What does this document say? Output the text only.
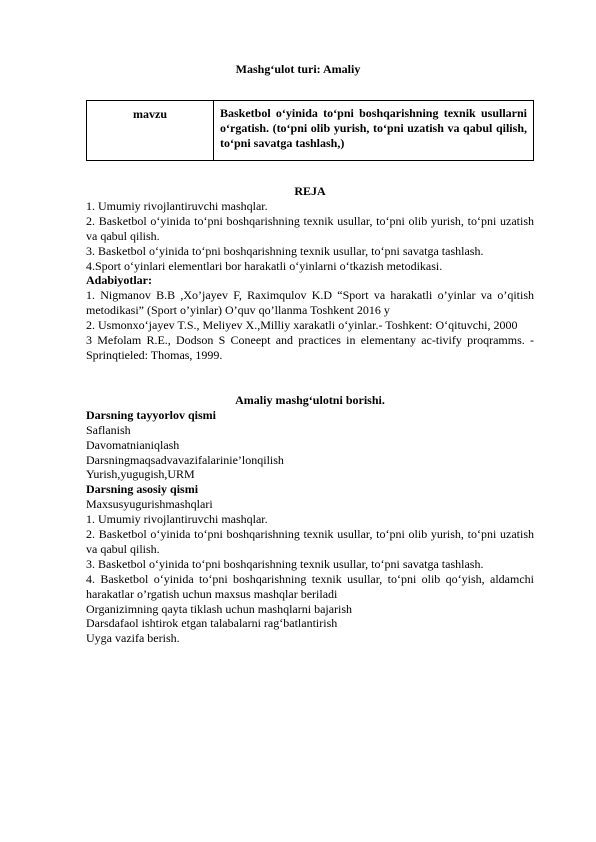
Mashg‘ulot turi: Amaliy
mavzu	Basketbol o‘yinida to‘pni boshqarishning texnik usullarni o‘rgatish. (to‘pni olib yurish, to‘pni uzatish va qabul qilish, to‘pni savatga tashlash,)

REJA

1. Umumiy rivojlantiruvchi mashqlar.

2. Basketbol o‘yinida to‘pni boshqarishning texnik usullar, to‘pni olib yurish, to‘pni uzatish va qabul qilish.

3. Basketbol o‘yinida to‘pni boshqarishning texnik usullar, to‘pni savatga tashlash.

4.Sport o‘yinlari elementlari bor harakatli o‘yinlarni o‘tkazish metodikasi.

Adabiyotlar:

1. Nigmanov B.B ,Xo’jayev F, Raximqulov K.D “Sport va harakatli o’yinlar va o’qitish metodikasi” (Sport o’yinlar) O’quv qo’llanma Toshkent 2016 y

2. Usmonxo‘jayev T.S., Meliyev X.,Milliy xarakatli o‘yinlar.- Toshkent: O‘qituvchi, 2000

3 Mefolam R.E., Dodson S Coneept and practices in elementany ac-tivify proqramms. - Sprinqtieled: Thomas, 1999.

Amaliy mashg‘ulotni borishi.

Darsning tayyorlov qismi

Saflanish

Davomatnianiqlash

Darsningmaqsadvavazifalarinie’lonqilish

Yurish,yugugish,URM

Darsning asosiy qismi

Maxsusyugurishmashqlari

1. Umumiy rivojlantiruvchi mashqlar.

2. Basketbol o‘yinida to‘pni boshqarishning texnik usullar, to‘pni olib yurish, to‘pni uzatish va qabul qilish.

3. Basketbol o‘yinida to‘pni boshqarishning texnik usullar, to‘pni savatga tashlash.

4. Basketbol o‘yinida to‘pni boshqarishning texnik usullar, to‘pni olib qo‘yish, aldamchi harakatlar o’rgatish uchun maxsus mashqlar beriladi

Organizimning qayta tiklash uchun mashqlarni bajarish

Darsdafaol ishtirok etgan talabalarni rag‘batlantirish

Uyga vazifa berish.
